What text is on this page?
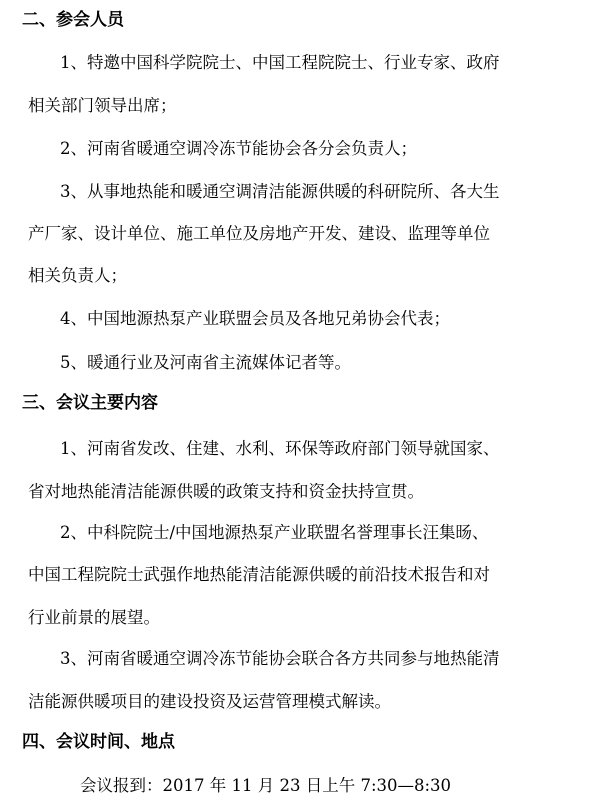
二、参会人员
1、特邀中国科学院院士、中国工程院院士、行业专家、政府
相关部门领导出席；
2、河南省暖通空调冷冻节能协会各分会负责人；
3、从事地热能和暖通空调清洁能源供暖的科研院所、各大生
产厂家、设计单位、施工单位及房地产开发、建设、监理等单位
相关负责人；
4、中国地源热泵产业联盟会员及各地兄弟协会代表；
5、暖通行业及河南省主流媒体记者等。
三、会议主要内容
1、河南省发改、住建、水利、环保等政府部门领导就国家、
省对地热能清洁能源供暖的政策支持和资金扶持宣贯。
2、中科院院士/中国地源热泵产业联盟名誉理事长汪集旸、
中国工程院院士武强作地热能清洁能源供暖的前沿技术报告和对
行业前景的展望。
3、河南省暖通空调冷冻节能协会联合各方共同参与地热能清
洁能源供暖项目的建设投资及运营管理模式解读。
四、会议时间、地点
会议报到：2017 年 11 月 23 日上午 7:30—8:30
